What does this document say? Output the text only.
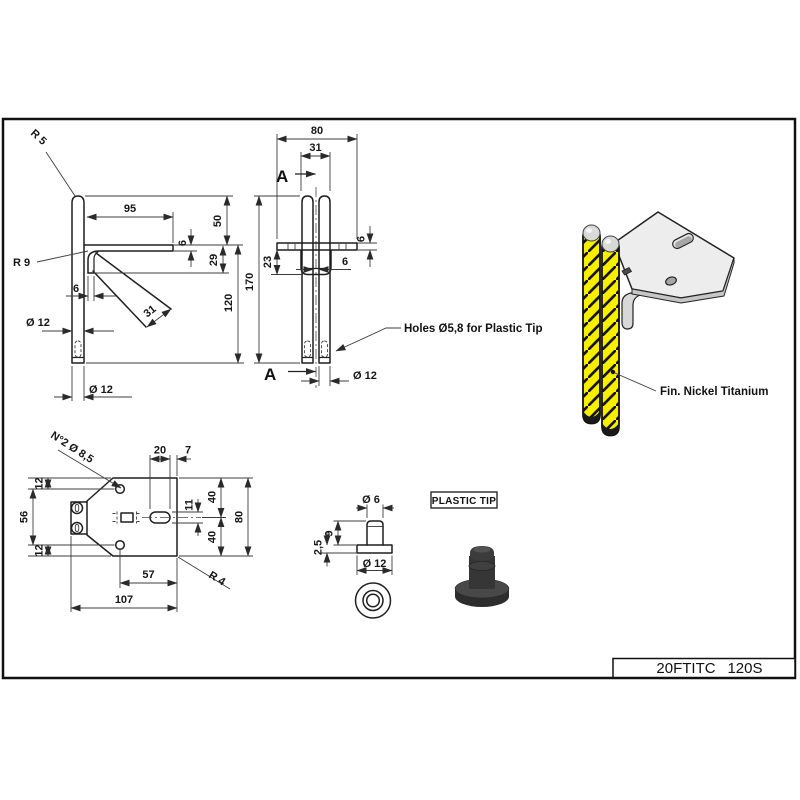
20FTITC 120S
95
50
6
29
120
6
31
Ø 12
Ø 12
R 5
R 9
80
31
A
170
23
6
6
A	Ø 12
Holes Ø5,8 for Plastic Tip
Fin. Nickel Titanium
20 7
12
56
12
40
40
80
11
57
107
R 4
N°2 Ø 8,5
Ø 6
9
2,5
Ø 12
PLASTIC TIP
